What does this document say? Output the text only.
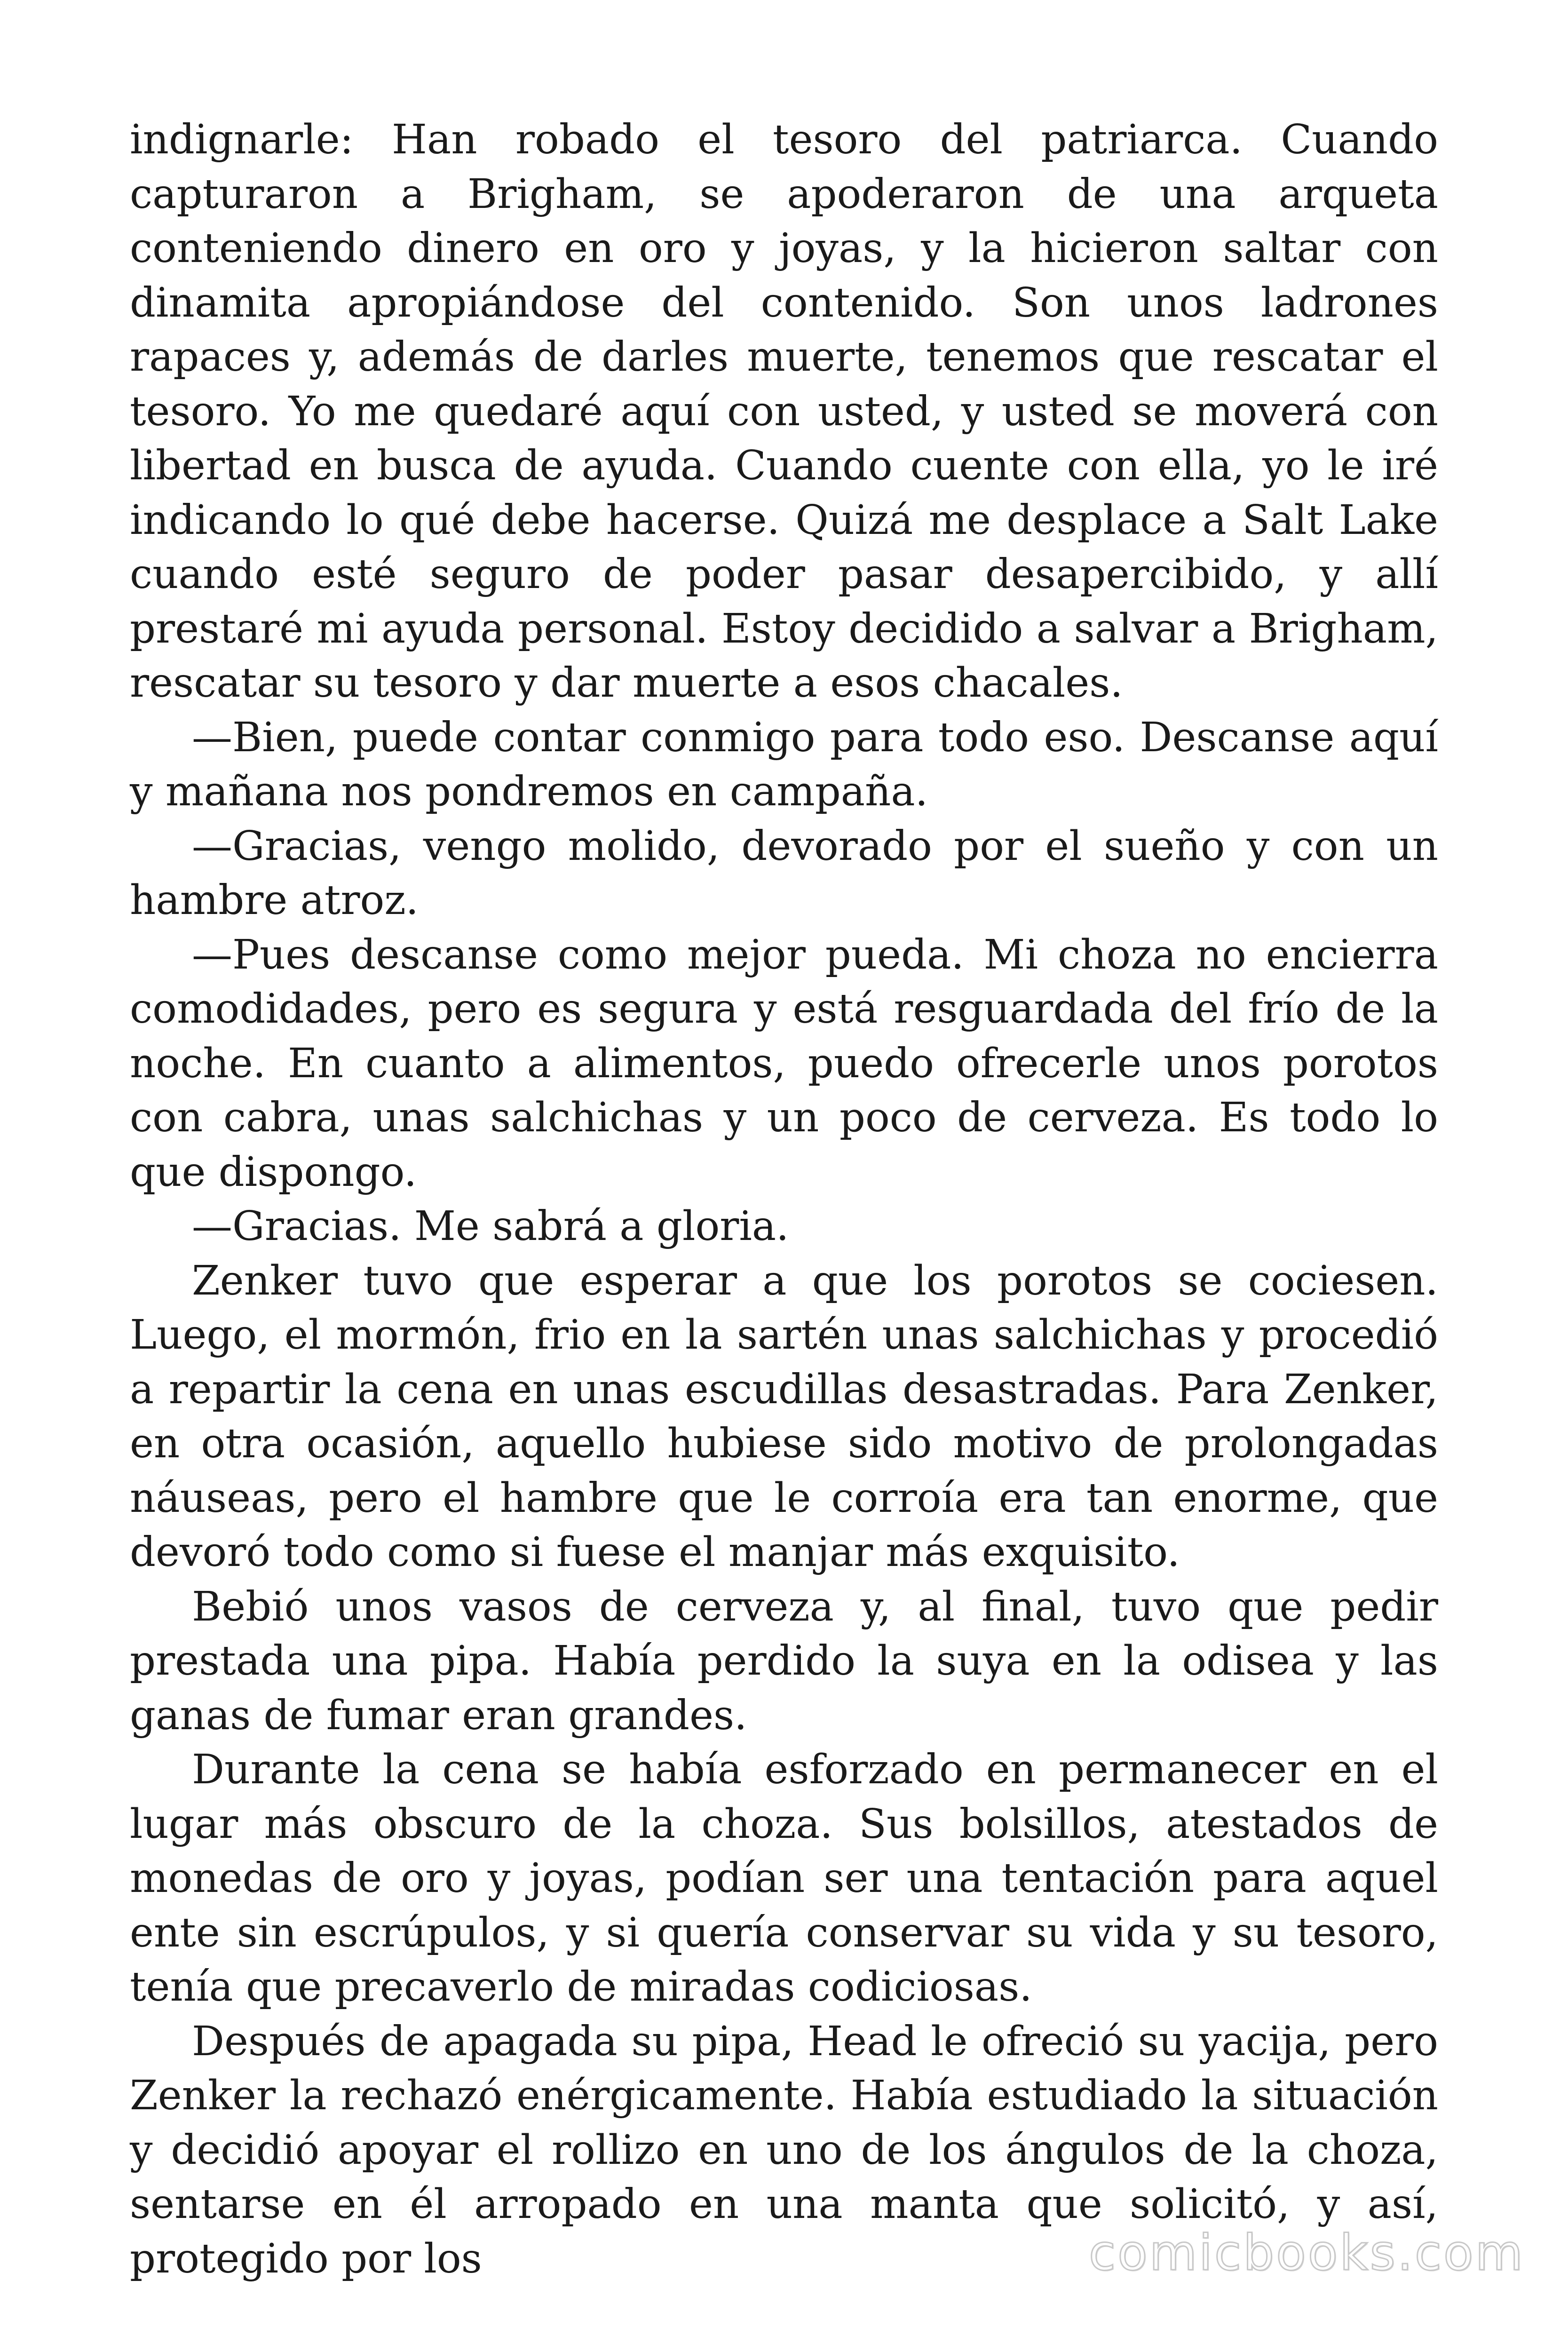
indignarle: Han robado el tesoro del patriarca. Cuando capturaron a Brigham, se apoderaron de una arqueta conteniendo dinero en oro y joyas, y la hicieron saltar con dinamita apropiándose del contenido. Son unos ladrones rapaces y, además de darles muerte, tenemos que rescatar el tesoro. Yo me quedaré aquí con usted, y usted se moverá con libertad en busca de ayuda. Cuando cuente con ella, yo le iré indicando lo qué debe hacerse. Quizá me desplace a Salt Lake cuando esté seguro de poder pasar desapercibido, y allí prestaré mi ayuda personal. Estoy decidido a salvar a Brigham, rescatar su tesoro y dar muerte a esos chacales.

—Bien, puede contar conmigo para todo eso. Descanse aquí y mañana nos pondremos en campaña.

—Gracias, vengo molido, devorado por el sueño y con un hambre atroz.

—Pues descanse como mejor pueda. Mi choza no encierra comodidades, pero es segura y está resguardada del frío de la noche. En cuanto a alimentos, puedo ofrecerle unos porotos con cabra, unas salchichas y un poco de cerveza. Es todo lo que dispongo.

—Gracias. Me sabrá a gloria.

Zenker tuvo que esperar a que los porotos se cociesen. Luego, el mormón, frio en la sartén unas salchichas y procedió a repartir la cena en unas escudillas desastradas. Para Zenker, en otra ocasión, aquello hubiese sido motivo de prolongadas náuseas, pero el hambre que le corroía era tan enorme, que devoró todo como si fuese el manjar más exquisito.

Bebió unos vasos de cerveza y, al final, tuvo que pedir prestada una pipa. Había perdido la suya en la odisea y las ganas de fumar eran grandes.

Durante la cena se había esforzado en permanecer en el lugar más obscuro de la choza. Sus bolsillos, atestados de monedas de oro y joyas, podían ser una tentación para aquel ente sin escrúpulos, y si quería conservar su vida y su tesoro, tenía que precaverlo de miradas codiciosas.

Después de apagada su pipa, Head le ofreció su yacija, pero Zenker la rechazó enérgicamente. Había estudiado la situación y decidió apoyar el rollizo en uno de los ángulos de la choza, sentarse en él arropado en una manta que solicitó, y así, protegido por los	comicbooks.com
